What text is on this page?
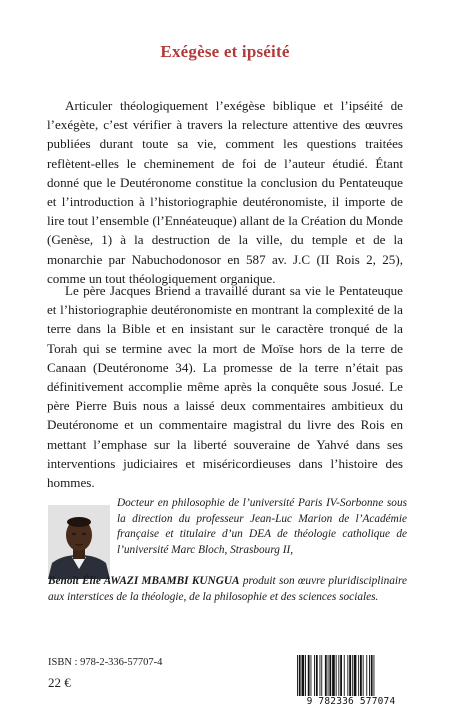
Exégèse et ipséité

Articuler théologiquement l’exégèse biblique et l’ipséité de l’exégète, c’est vérifier à travers la relecture attentive des œuvres publiées durant toute sa vie, comment les questions traitées reflètent-elles le cheminement de foi de l’auteur étudié. Étant donné que le Deutéronome constitue la conclusion du Pentateuque et l’introduction à l’historiographie deutéronomiste, il importe de lire tout l’ensemble (l’Ennéateuque) allant de la Création du Monde (Genèse, 1) à la destruction de la ville, du temple et de la monarchie par Nabuchodonosor en 587 av. J.C (II Rois 2, 25), comme un tout théologiquement organique.

Le père Jacques Briend a travaillé durant sa vie le Pentateuque et l’historiographie deutéronomiste en montrant la complexité de la terre dans la Bible et en insistant sur le caractère tronqué de la Torah qui se termine avec la mort de Moïse hors de la terre de Canaan (Deutéronome 34). La promesse de la terre n’était pas définitivement accomplie même après la conquête sous Josué. Le père Pierre Buis nous a laissé deux commentaires ambitieux du Deutéronome et un commentaire magistral du livre des Rois en mettant l’emphase sur la liberté souveraine de Yahvé dans ses interventions judiciaires et miséricordieuses dans l’histoire des hommes.

Docteur en philosophie de l’université Paris IV-Sorbonne sous la direction du professeur Jean-Luc Marion de l’Académie française et titulaire d’un DEA de théologie catholique de l’université Marc Bloch, Strasbourg II,

Benoît Élie AWAZI MBAMBI KUNGUA produit son œuvre pluridisciplinaire aux interstices de la théologie, de la philosophie et des sciences sociales.

ISBN : 978-2-336-57707-4
22 €
9 782336 577074
